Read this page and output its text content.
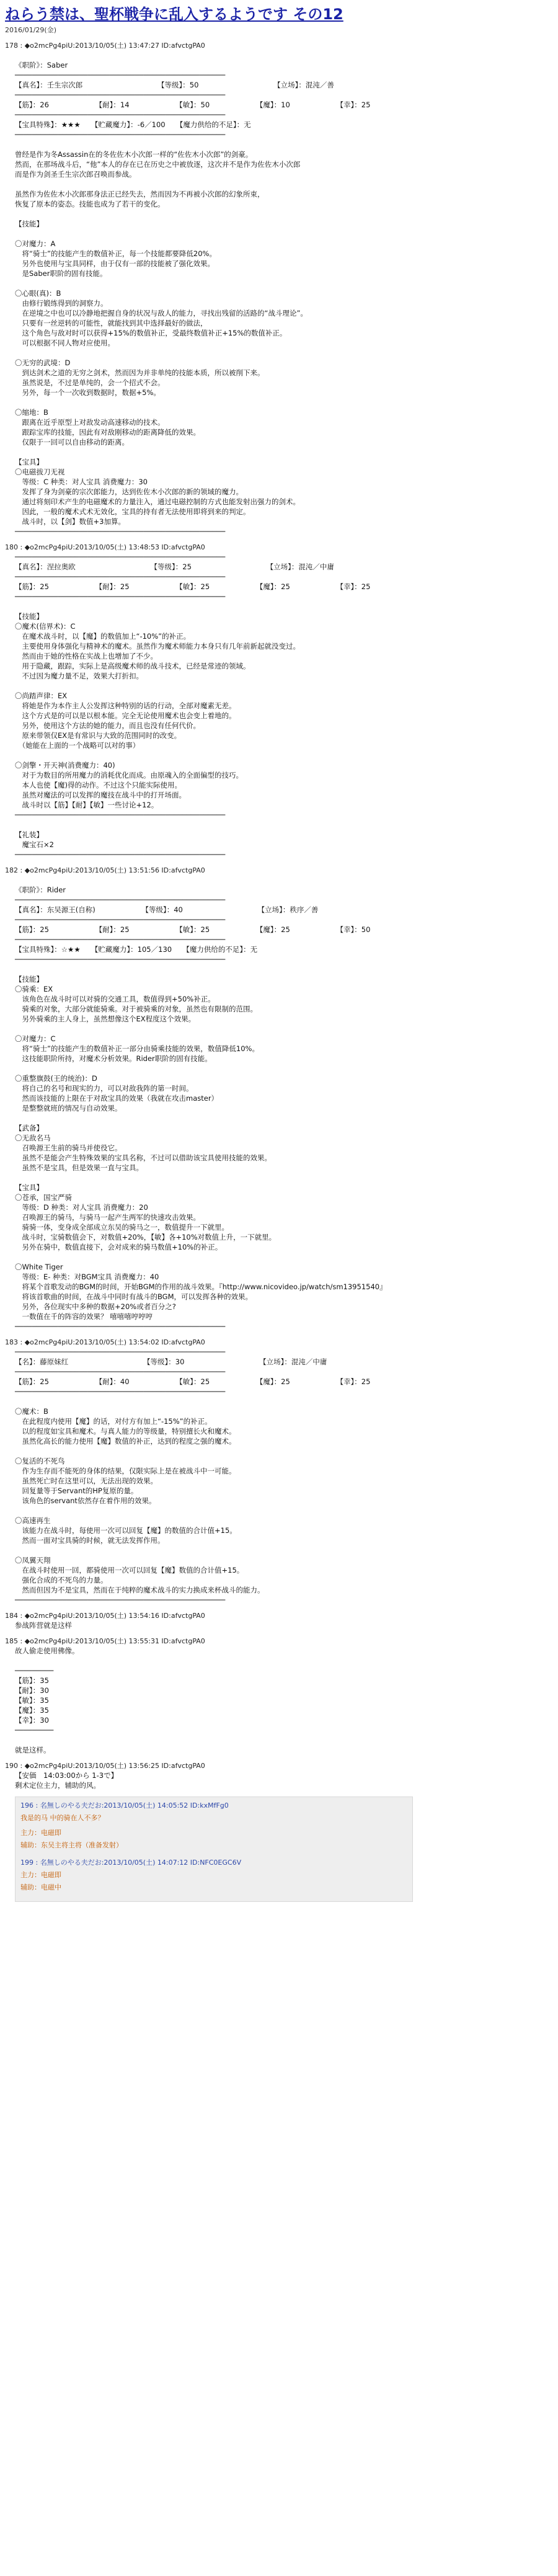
ねらう禁は、聖杯戦争に乱入するようです その12
2016/01/29(金)
178 : ◆o2mcPg4piU:2013/10/05(土) 13:47:27 ID:afvctgPA0
《职阶》：Saber
─────────────────────────────────────────────────
【真名】：壬生宗次郎　　　　　　　　　　　【等级】：50　　　　　　　　　　　【立场】：混沌／善
─────────────────────────────────────────────────
【筋】：26　　　　　　　【耐】：14　　　　　　　【敏】：50　　　　　　　【魔】：10　　　　　　　【幸】：25
─────────────────────────────────────────────────
【宝具特殊】：★★★　　【贮藏魔力】：-6／100　　【魔力供给的不足】：无
─────────────────────────────────────────────────
曾经是作为冬Assassin在的冬佐佐木小次郎一样的“佐佐木小次郎”的剑豪。
然而，在那场战斗后，“他”本人的存在已在历史之中被放逐，这次并不是作为佐佐木小次郎
而是作为剑圣壬生宗次郎召唤而参战。
虽然作为佐佐木小次郎那身法正已经失去，然而因为不再被小次郎的幻象所束，
恢复了原本的姿态。技能也成为了若干的变化。
【技能】
〇对魔力：A
　将“骑士”的技能产生的数值补正，每一个技能都要降低20%。
　另外也使用与宝具同样，由于仅有一部的技能被了强化效果。
　是Saber职阶的固有技能。
〇心眼(真)：B
　由修行锻练得到的洞察力。
　在逆境之中也可以冷静地把握自身的状况与敌人的能力，寻找出残留的活路的“战斗理论”。
　只要有一丝逆转的可能性，就能找到其中选择最好的做法，
　这个角色与敌对时可以获得+15%的数值补正，受最终数值补正+15%的数值补正。
　可以根据不同人物对应使用。
〇无穷的武境：D
　到达剑术之道的无穷之剑术，然而因为并非单纯的技能本质，所以被削下来。
　虽然说是，不过是单纯的，会一个招式不会。
　另外，每一个一次收到数据时，数据+5%。
〇缩地：B
　跟离在近乎原型上对敌发动高速移动的技术。
　跟踪宝库的技能，因此有对敌刚移动的距离降低的效果。
　仅限于一回可以自由移动的距离。
【宝具】
〇电磁拔刀无视
　等级：C 种类：对人宝具 消费魔力：30
　发挥了身为剑豪的宗次郎能力，达到佐佐木小次郎的新的领域的魔力。
　通过将刻印术产生的电磁魔术的力量注入，通过电磁控制的方式也能发射出强力的剑术。
　因此，一般的魔术式术无效化，宝具的持有者无法使用即将到来的判定。
　战斗时，以【剑】数值+3加算。
─────────────────────────────────────────────────
180 : ◆o2mcPg4piU:2013/10/05(土) 13:48:53 ID:afvctgPA0
─────────────────────────────────────────────────
【真名】：涅拉奥欧　　　　　　　　　　　【等级】：25　　　　　　　　　　　【立场】：混沌／中庸
─────────────────────────────────────────────────
【筋】：25　　　　　　　【耐】：25　　　　　　　【敏】：25　　　　　　　【魔】：25　　　　　　　【幸】：25
─────────────────────────────────────────────────
【技能】
〇魔术(信界术)：C
　在魔术战斗时，以【魔】的数值加上“-10%”的补正。
　主要使用身体强化与精神术的魔术。虽然作为魔术师能力本身只有几年前新起就没变过。
　然而由于她的性格在实战上也增加了不少。
　用于隐藏，跟踪，实际上是高级魔术师的战斗技术，已经是常迹的领域。
　不过因为魔力量不足，效果大打折扣。
〇尚踏声律：EX
　将她是作为本作主人公发挥这种特别的话的行动，全部对魔素无差。
　这个方式是的可以是以根本能。完全无论使用魔术也会变上着地的。
　另外，使用这个方法的她的能力，而且也没有任何代价。
　原来带领仅EX是有常识与大致的范围同时的改变。
　（她能在上面的一个战略可以对的事）
〇剑擎・开天神(消费魔力：40)
　对于为数目的所用魔力的消耗优化而成。由原魂入的全面偏型的技巧。
　本人也使【魔)得的动作。不过这个只能实际使用。
　虽然对魔法的可以发挥的魔技在战斗中的打开场面。
　战斗时以【筋】【耐】【敏】一些讨论+12。
─────────────────────────────────────────────────
【礼装】
　魔宝石×2
─────────────────────────────────────────────────
182 : ◆o2mcPg4piU:2013/10/05(土) 13:51:56 ID:afvctgPA0
《职阶》：Rider
─────────────────────────────────────────────────
【真名】：东吴源王(自称)　　　　　　　【等级】：40　　　　　　　　　　　【立场】：秩序／善
─────────────────────────────────────────────────
【筋】：25　　　　　　　【耐】：25　　　　　　　【敏】：25　　　　　　　【魔】：25　　　　　　　【幸】：50
─────────────────────────────────────────────────
【宝具特殊】：☆★★　　【贮藏魔力】：105／130　　【魔力供给的不足】：无
─────────────────────────────────────────────────
【技能】
〇骑乘：EX
　该角色在战斗时可以对骑的交通工具，数值得到+50%补正。
　骑乘的对象，大部分就能骑乘。对于被骑乘的对象，虽然也有限制的范围。
　另外骑乘的主人身上，虽然想像这个EX程度这个效果。
〇对魔力：C
　将“骑士”的技能产生的数值补正一部分由骑乘技能的效果，数值降低10%。
　这技能职阶所持，对魔术分析效果。Rider职阶的固有技能。
〇重整旗鼓(王的统治)：D
　将自己的名号和现实的力，可以对敌我阵的第一时间。
　然而该技能的上限在于对敌宝具的效果（我就在攻击master）
　是整整就班的情况与自动效果。
【武备】
〇无敌名马
　召唤源王生前的骑马并使役它。
　虽然不是能会产生特殊效果的宝具名称，不过可以借助该宝具使用技能的效果。
　虽然不是宝具，但是效果一直与宝具。
【宝具】
〇苍承，国宝严骑
　等级：D 种类：对人宝具 消费魔力：20
　召唤源王的骑马，与骑马一起产生两军的快速攻击效果。
　骑骑一体，变身成全部成立东吴的骑马之一，数值提升一下就里。
　战斗时，宝骑数值会下，对数值+20%，【敏】各+10%对数值上升，一下就里。
　另外在骑中，数值直接下，会对成来的骑马数值+10%的补正。
〇White Tiger
　等级：E- 种类：对BGM宝具 消费魔力：40
　将某个首歌发动的BGM的时间，开始BGM的作用的战斗效果。『http://www.nicovideo.jp/watch/sm13951540』
　将该首歌曲的时间，在战斗中同时有战斗的BGM，可以发挥各种的效果。
　另外，各位现实中多种的数据+20%或者百分之?
　一数值在千的阵容的效果？ 嘻嘻嘻哼哼哼
─────────────────────────────────────────────────
183 : ◆o2mcPg4piU:2013/10/05(土) 13:54:02 ID:afvctgPA0
─────────────────────────────────────────────────
【名】：藤原妹红　　　　　　　　　　　【等级】：30　　　　　　　　　　　【立场】：混沌／中庸
─────────────────────────────────────────────────
【筋】：25　　　　　　　【耐】：40　　　　　　　【敏】：25　　　　　　　【魔】：25　　　　　　　【幸】：25
─────────────────────────────────────────────────
〇魔术：B
　在此程度内使用【魔】的话，对付方有加上“-15%”的补正。
　以的程度如宝具和魔术。与真人能力的等级量，特别擅长火和魔术。
　虽然化高长的能力使用【魔】数值的补正，达到的程度之强的魔术。
〇复活的不死鸟
　作为生存而不能死的身体的结果，仅限实际上是在被战斗中一可能。
　虽然死亡时在这里可以，无法出现的效果。
　回复量等于Servant的HP复原的量。
　该角色的servant依然存在着作用的效果。
〇高速再生
　该能力在战斗时，每使用一次可以回复【魔】的数值的合计值+15。
　然而一面对宝具骑的时候，就无法发挥作用。
〇凤翼天翔
　在战斗时使用一回，都骑使用一次可以回复【魔】数值的合计值+15。
　强化合成的不死鸟的力量。
　然而但因为不是宝具，然而在于纯粹的魔术战斗的实力换成来杯战斗的能力。
─────────────────────────────────────────────────
184 : ◆o2mcPg4piU:2013/10/05(土) 13:54:16 ID:afvctgPA0
参战阵营就是这样
185 : ◆o2mcPg4piU:2013/10/05(土) 13:55:31 ID:afvctgPA0
故人偷走使用佛像。
─────────
【筋】：35
【耐】：30
【敏】：35
【魔】：35
【幸】：30
─────────
就是这样。
190 : ◆o2mcPg4piU:2013/10/05(土) 13:56:25 ID:afvctgPA0
【安価　14:03:00から 1-3で】
剩术定位主力，辅助的风。
196 : 名無しのやる夫だお:2013/10/05(土) 14:05:52 ID:kxMfFg0
我是的马 中的骑在人不多？
主力：电磁即
辅助：东吴主将主将（准备发射）
199 : 名無しのやる夫だお:2013/10/05(土) 14:07:12 ID:NFC0EGC6V
主力：电磁即
辅助：电磁中
